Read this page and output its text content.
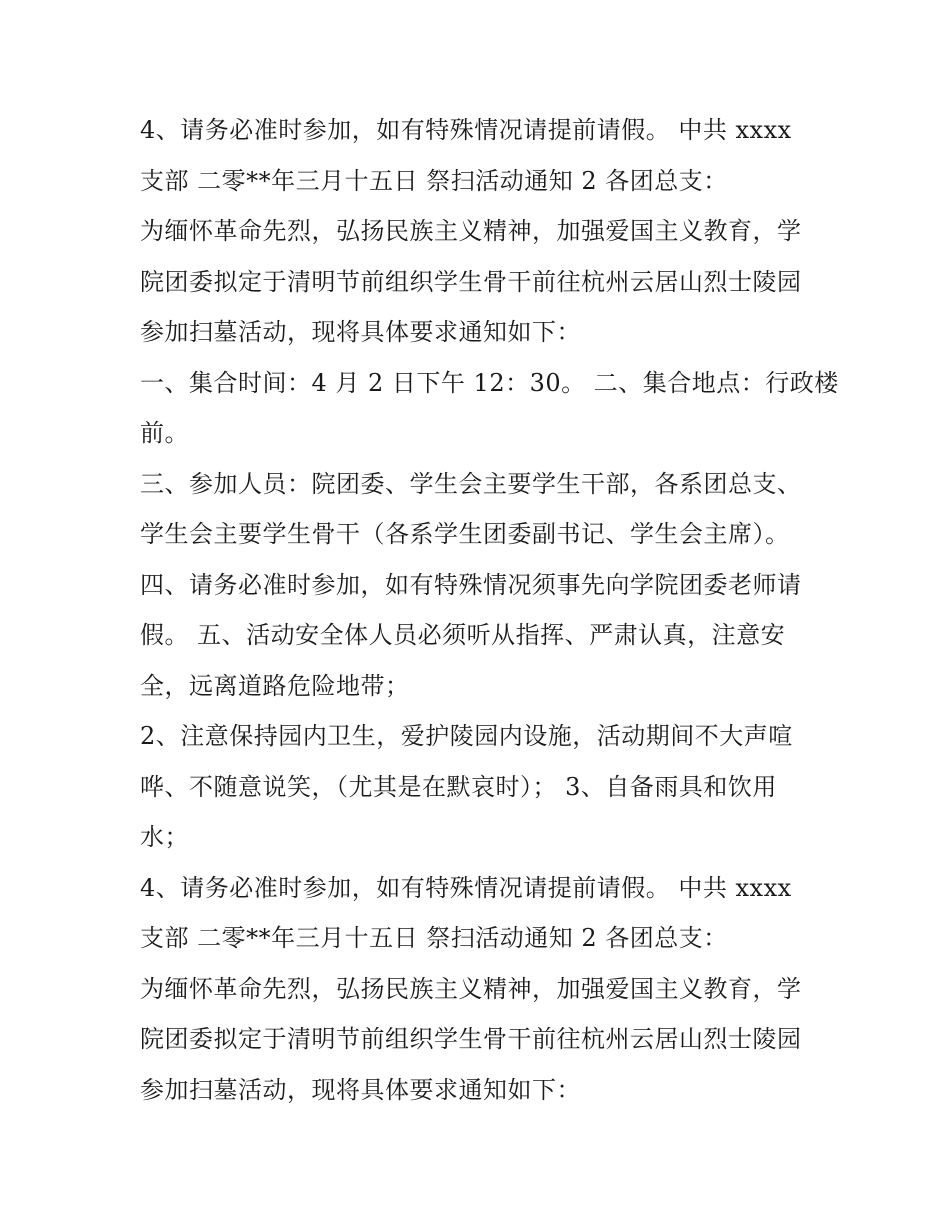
4、请务必准时参加，如有特殊情况请提前请假。 中共 xxxx
支部 二零**年三月十五日 祭扫活动通知 2 各团总支：
为缅怀革命先烈，弘扬民族主义精神，加强爱国主义教育，学
院团委拟定于清明节前组织学生骨干前往杭州云居山烈士陵园
参加扫墓活动，现将具体要求通知如下：
一、集合时间：4 月 2 日下午 12：30。 二、集合地点：行政楼
前。
三、参加人员：院团委、学生会主要学生干部，各系团总支、
学生会主要学生骨干（各系学生团委副书记、学生会主席）。
四、请务必准时参加，如有特殊情况须事先向学院团委老师请
假。 五、活动安全体人员必须听从指挥、严肃认真，注意安
全，远离道路危险地带；
2、注意保持园内卫生，爱护陵园内设施，活动期间不大声喧
哗、不随意说笑，（尤其是在默哀时）； 3、自备雨具和饮用
水；
4、请务必准时参加，如有特殊情况请提前请假。 中共 xxxx
支部 二零**年三月十五日 祭扫活动通知 2 各团总支：
为缅怀革命先烈，弘扬民族主义精神，加强爱国主义教育，学
院团委拟定于清明节前组织学生骨干前往杭州云居山烈士陵园
参加扫墓活动，现将具体要求通知如下：
